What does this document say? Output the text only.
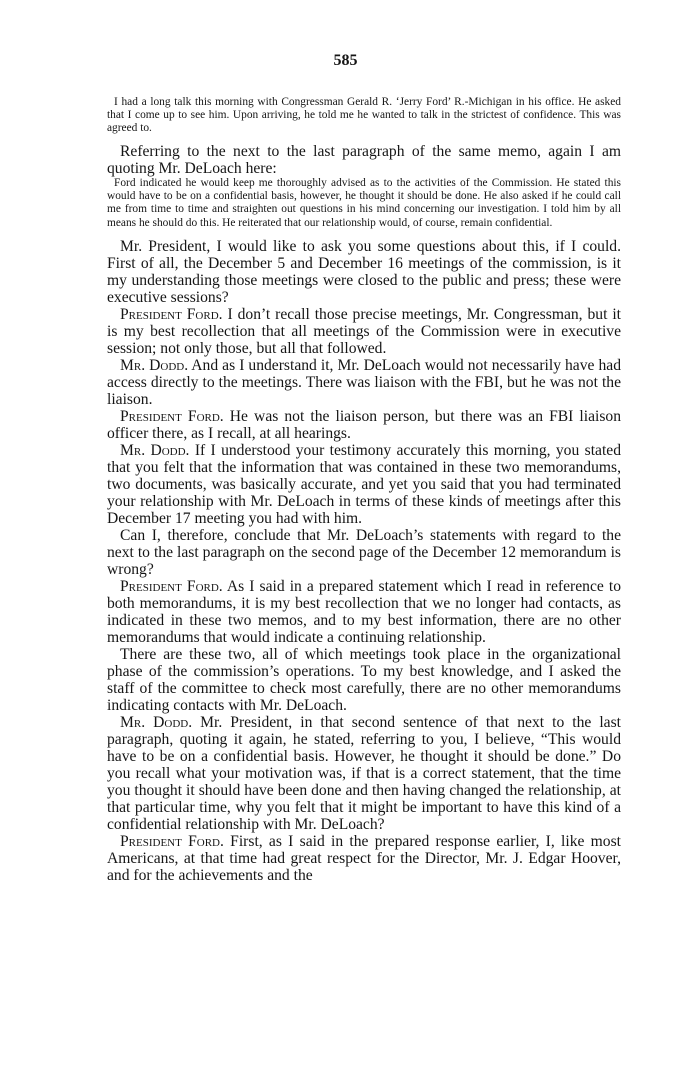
585

I had a long talk this morning with Congressman Gerald R. ‘Jerry Ford’ R.-Michigan in his office. He asked that I come up to see him. Upon arriving, he told me he wanted to talk in the strictest of confidence. This was agreed to.

Referring to the next to the last paragraph of the same memo, again I am quoting Mr. DeLoach here:

Ford indicated he would keep me thoroughly advised as to the activities of the Commission. He stated this would have to be on a confidential basis, however, he thought it should be done. He also asked if he could call me from time to time and straighten out questions in his mind concerning our investigation. I told him by all means he should do this. He reiterated that our relationship would, of course, remain confidential.

Mr. President, I would like to ask you some questions about this, if I could. First of all, the December 5 and December 16 meetings of the commission, is it my understanding those meetings were closed to the public and press; these were executive sessions?

President Ford. I don’t recall those precise meetings, Mr. Congressman, but it is my best recollection that all meetings of the Commission were in executive session; not only those, but all that followed.

Mr. Dodd. And as I understand it, Mr. DeLoach would not necessarily have had access directly to the meetings. There was liaison with the FBI, but he was not the liaison.

President Ford. He was not the liaison person, but there was an FBI liaison officer there, as I recall, at all hearings.

Mr. Dodd. If I understood your testimony accurately this morning, you stated that you felt that the information that was contained in these two memorandums, two documents, was basically accurate, and yet you said that you had terminated your relationship with Mr. DeLoach in terms of these kinds of meetings after this December 17 meeting you had with him.

Can I, therefore, conclude that Mr. DeLoach’s statements with regard to the next to the last paragraph on the second page of the December 12 memorandum is wrong?

President Ford. As I said in a prepared statement which I read in reference to both memorandums, it is my best recollection that we no longer had contacts, as indicated in these two memos, and to my best information, there are no other memorandums that would indicate a continuing relationship.

There are these two, all of which meetings took place in the organizational phase of the commission’s operations. To my best knowledge, and I asked the staff of the committee to check most carefully, there are no other memorandums indicating contacts with Mr. DeLoach.

Mr. Dodd. Mr. President, in that second sentence of that next to the last paragraph, quoting it again, he stated, referring to you, I believe, “This would have to be on a confidential basis. However, he thought it should be done.” Do you recall what your motivation was, if that is a correct statement, that the time you thought it should have been done and then having changed the relationship, at that particular time, why you felt that it might be important to have this kind of a confidential relationship with Mr. DeLoach?

President Ford. First, as I said in the prepared response earlier, I, like most Americans, at that time had great respect for the Director, Mr. J. Edgar Hoover, and for the achievements and the
